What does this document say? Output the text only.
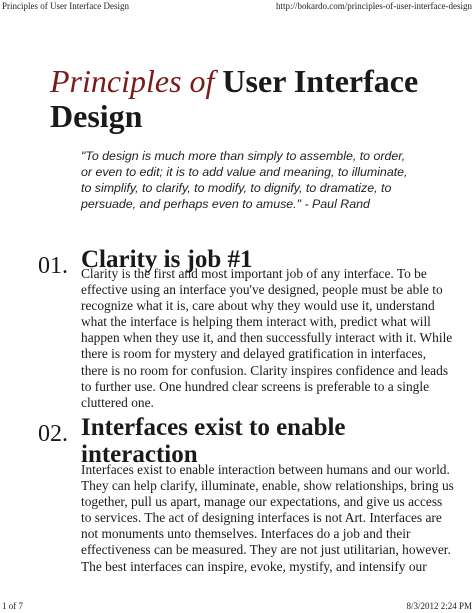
Principles of User Interface Design	http://bokardo.com/principles-of-user-interface-design
Principles of User Interface Design

"To design is much more than simply to assemble, to order, or even to edit; it is to add value and meaning, to illuminate, to simplify, to clarify, to modify, to dignify, to dramatize, to persuade, and perhaps even to amuse." - Paul Rand

01. Clarity is job #1

Clarity is the first and most important job of any interface. To be effective using an interface you've designed, people must be able to recognize what it is, care about why they would use it, understand what the interface is helping them interact with, predict what will happen when they use it, and then successfully interact with it. While there is room for mystery and delayed gratification in interfaces, there is no room for confusion. Clarity inspires confidence and leads to further use. One hundred clear screens is preferable to a single cluttered one.

02. Interfaces exist to enable interaction

Interfaces exist to enable interaction between humans and our world. They can help clarify, illuminate, enable, show relationships, bring us together, pull us apart, manage our expectations, and give us access to services. The act of designing interfaces is not Art. Interfaces are not monuments unto themselves. Interfaces do a job and their effectiveness can be measured. They are not just utilitarian, however. The best interfaces can inspire, evoke, mystify, and intensify our

1 of 7	8/3/2012 2:24 PM
